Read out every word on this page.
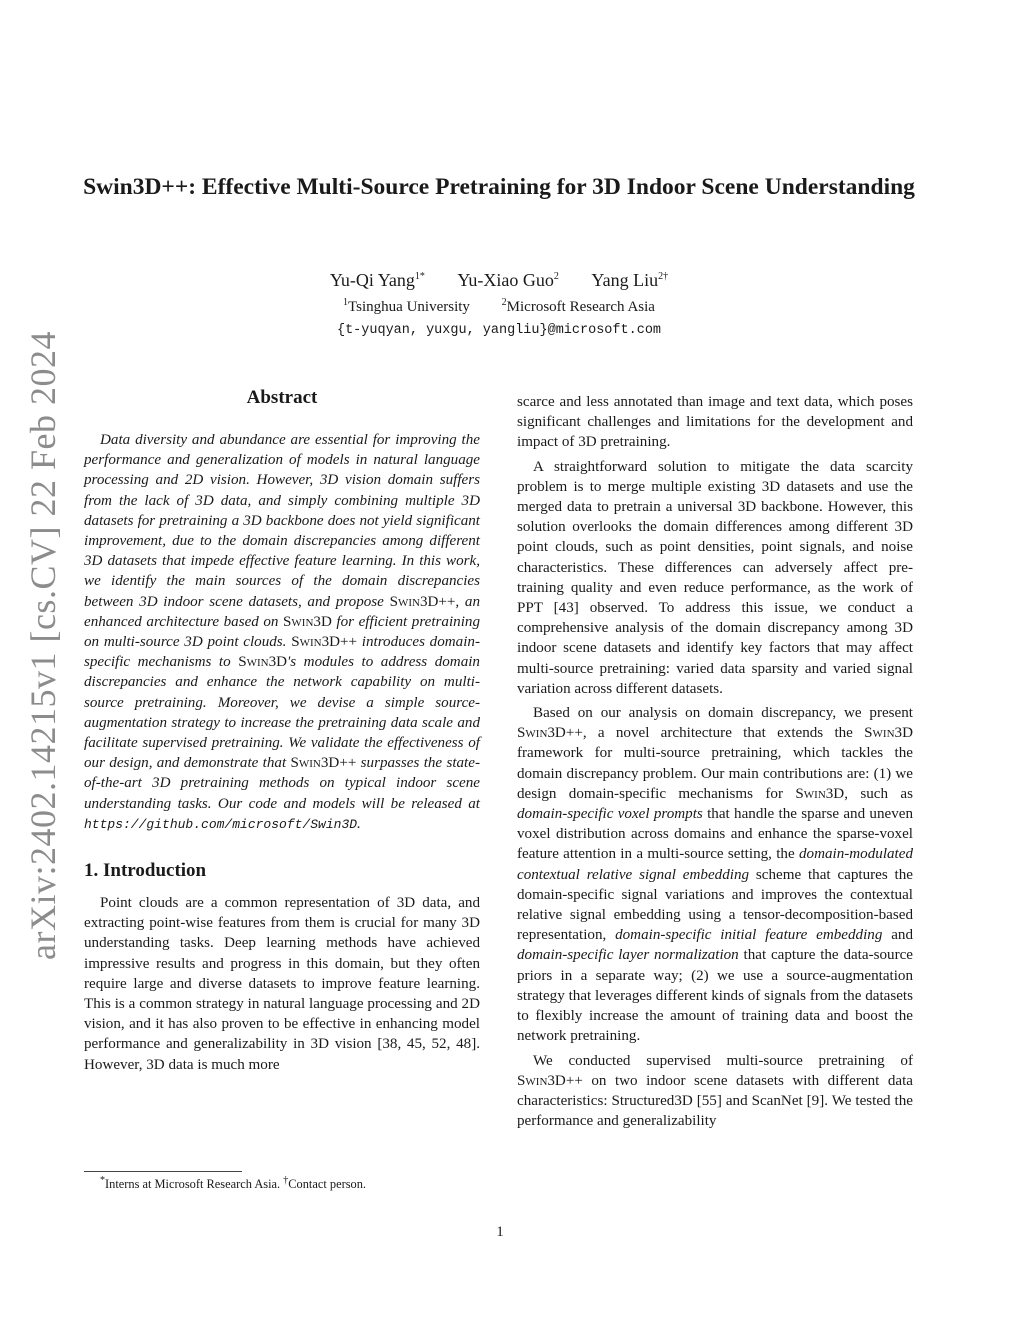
arXiv:2402.14215v1 [cs.CV] 22 Feb 2024
Swin3D++: Effective Multi-Source Pretraining for 3D Indoor Scene Understanding
Yu-Qi Yang$^{1*}$ Yu-Xiao Guo$^2$ Yang Liu$^{2\dagger}$
$^1$Tsinghua University	$^2$Microsoft Research Asia
{t-yuqyan, yuxgu, yangliu}@microsoft.com
Abstract

Data diversity and abundance are essential for improving the performance and generalization of models in natural language processing and 2D vision. However, 3D vision domain suffers from the lack of 3D data, and simply combining multiple 3D datasets for pretraining a 3D backbone does not yield significant improvement, due to the domain discrepancies among different 3D datasets that impede effective feature learning. In this work, we identify the main sources of the domain discrepancies between 3D indoor scene datasets, and propose Swin3D++, an enhanced architecture based on Swin3D for efficient pretraining on multi-source 3D point clouds. Swin3D++ introduces domain-specific mechanisms to Swin3D's modules to address domain discrepancies and enhance the network capability on multi-source pretraining. Moreover, we devise a simple source-augmentation strategy to increase the pretraining data scale and facilitate supervised pretraining. We validate the effectiveness of our design, and demonstrate that Swin3D++ surpasses the state-of-the-art 3D pretraining methods on typical indoor scene understanding tasks. Our code and models will be released at https://github.com/microsoft/Swin3D.

1. Introduction

Point clouds are a common representation of 3D data, and extracting point-wise features from them is crucial for many 3D understanding tasks. Deep learning methods have achieved impressive results and progress in this domain, but they often require large and diverse datasets to improve feature learning. This is a common strategy in natural language processing and 2D vision, and it has also proven to be effective in enhancing model performance and generalizability in 3D vision [38, 45, 52, 48]. However, 3D data is much more

*Interns at Microsoft Research Asia. †Contact person.

scarce and less annotated than image and text data, which poses significant challenges and limitations for the development and impact of 3D pretraining.

A straightforward solution to mitigate the data scarcity problem is to merge multiple existing 3D datasets and use the merged data to pretrain a universal 3D backbone. However, this solution overlooks the domain differences among different 3D point clouds, such as point densities, point signals, and noise characteristics. These differences can adversely affect pre-training quality and even reduce performance, as the work of PPT [43] observed. To address this issue, we conduct a comprehensive analysis of the domain discrepancy among 3D indoor scene datasets and identify key factors that may affect multi-source pretraining: varied data sparsity and varied signal variation across different datasets.

Based on our analysis on domain discrepancy, we present Swin3D++, a novel architecture that extends the Swin3D framework for multi-source pretraining, which tackles the domain discrepancy problem. Our main contributions are: (1) we design domain-specific mechanisms for Swin3D, such as domain-specific voxel prompts that handle the sparse and uneven voxel distribution across domains and enhance the sparse-voxel feature attention in a multi-source setting, the domain-modulated contextual relative signal embedding scheme that captures the domain-specific signal variations and improves the contextual relative signal embedding using a tensor-decomposition-based representation, domain-specific initial feature embedding and domain-specific layer normalization that capture the data-source priors in a separate way; (2) we use a source-augmentation strategy that leverages different kinds of signals from the datasets to flexibly increase the amount of training data and boost the network pretraining.

We conducted supervised multi-source pretraining of Swin3D++ on two indoor scene datasets with different data characteristics: Structured3D [55] and ScanNet [9]. We tested the performance and generalizability

1
